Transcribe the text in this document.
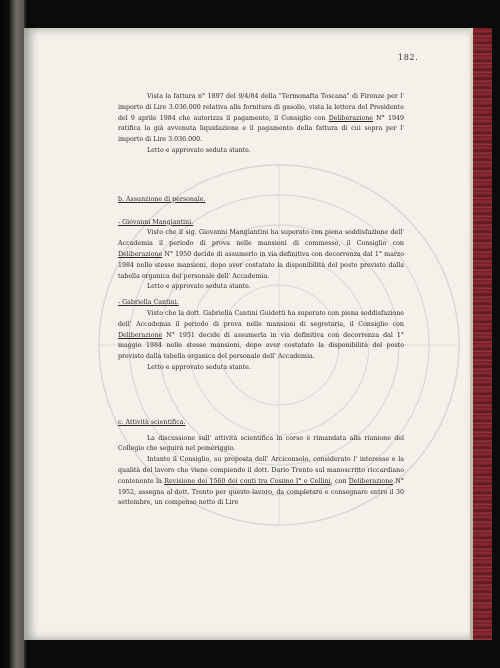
182.

Vista la fattura n° 1897 del 9/4/84 della "Termonafta Toscana" di Firenze per l' importo di Lire 3.036.000 relativa alla fornitura di gasolio, vista la lettera del Presidente del 9 aprile 1984 che autorizza il pagamento, il Consiglio con Deliberazione N° 1949 ratifica la già avvenuta liquidazione e il pagamento della fattura di cui sopra per l' importo di Lire 3.036.000.

Letto e approvato seduta stante.

b. Assunzione di personale.

- Giovanni Mangiantini.

Visto che il sig. Giovanni Mangiantini ha superato con piena soddisfazione dell' Accademia il periodo di prova nelle mansioni di commesso, il Consiglio con Deliberazione N° 1950 decide di assumerlo in via definitiva con decorrenza dal 1° marzo 1984 nelle stesse mansioni, dopo aver costatato la disponibilità del posto previsto dalla tabella organica del personale dell' Accademia.

Letto e approvato seduta stante.

- Gabriella Cantini.

Visto che la dott. Gabriella Cantini Guidetti ha superato con piena soddisfazione dell' Accademia il periodo di prova nelle mansioni di segretaria, il Consiglio con Deliberazione N° 1951 decide di assumerla in via definitiva con decorrenza dal 1° maggio 1984 nelle stesse mansioni, dopo aver costatato la disponibilità del posto previsto dalla tabella organica del personale dell' Accademia.

Letto e approvato seduta stante.

c. Attività scientifica.

La discussione sull' attività scientifica in corso è rimandata alla riunione del Collegio che seguirà nel pomeriggio.

Intanto il Consiglio, su proposta dell' Arciconsolo, considerato l' interesse e la qualità del lavoro che viene compiendo il dott. Dario Trento sul manoscritto riccardiano contenente la Revisione dei 1560 dei conti tra Cosimo I° e Cellini, con Deliberazione N° 1952, assegna al dott. Trento per questo lavoro, da completare e consegnare entro il 30 settembre, un compenso netto di Lire
